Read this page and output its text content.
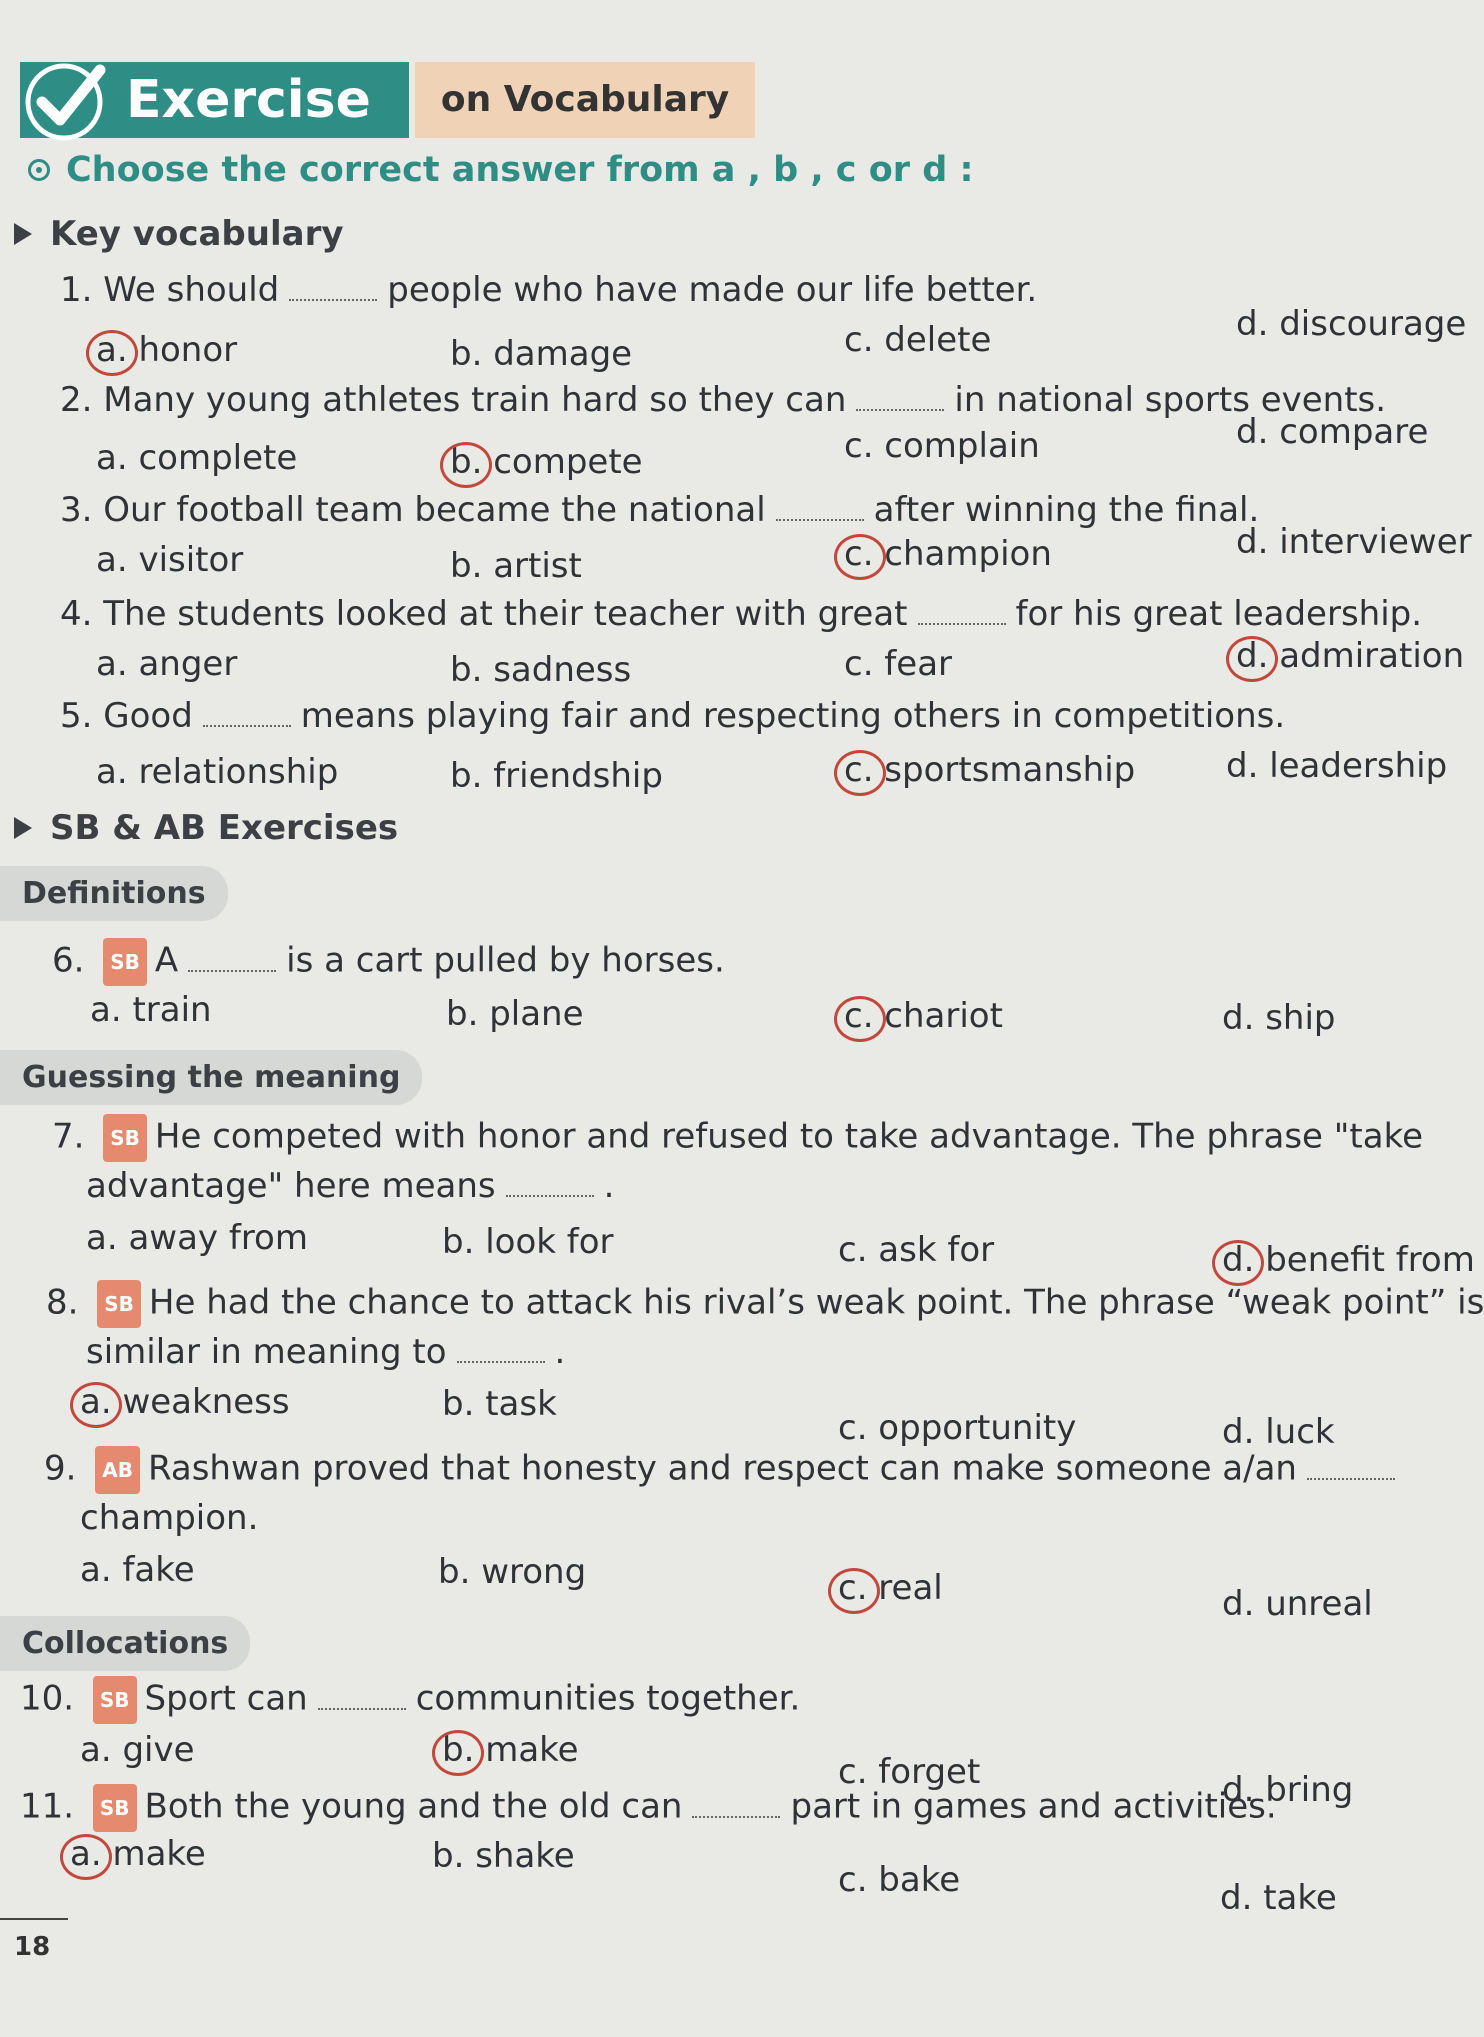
Exercise	on Vocabulary
Choose the correct answer from a , b , c or d :
Key vocabulary
SB & AB Exercises
Definitions
Guessing the meaning
Collocations
1. We should	people who have made our life better.
a. honor	b. damage	c. delete	d. discourage
2. Many young athletes train hard so they can	in national sports events.
a. complete	b. compete	c. complain	d. compare
3. Our football team became the national	after winning the final.
a. visitor	b. artist	c. champion	d. interviewer
4. The students looked at their teacher with great	for his great leadership.
a. anger	b. sadness	c. fear	d. admiration
5. Good	means playing fair and respecting others in competitions.
a. relationship	b. friendship	c. sportsmanship	d. leadership
6. SB A	is a cart pulled by horses.
a. train	b. plane	c. chariot	d. ship
7. SB He competed with honor and refused to take advantage. The phrase "take
advantage" here means	.
a. away from	b. look for	c. ask for	d. benefit from
8. SB He had the chance to attack his rival’s weak point. The phrase “weak point” is
similar in meaning to	.
a. weakness	b. task
c. opportunity	d. luck
9. AB Rashwan proved that honesty and respect can make someone a/an
champion.
a. fake	b. wrong	c. real	d. unreal
10. SB Sport can	communities together.
a. give	b. make
c. forget	d. bring
11. SB Both the young and the old can	part in games and activities.
a. make	b. shake
c. bake	d. take
18
